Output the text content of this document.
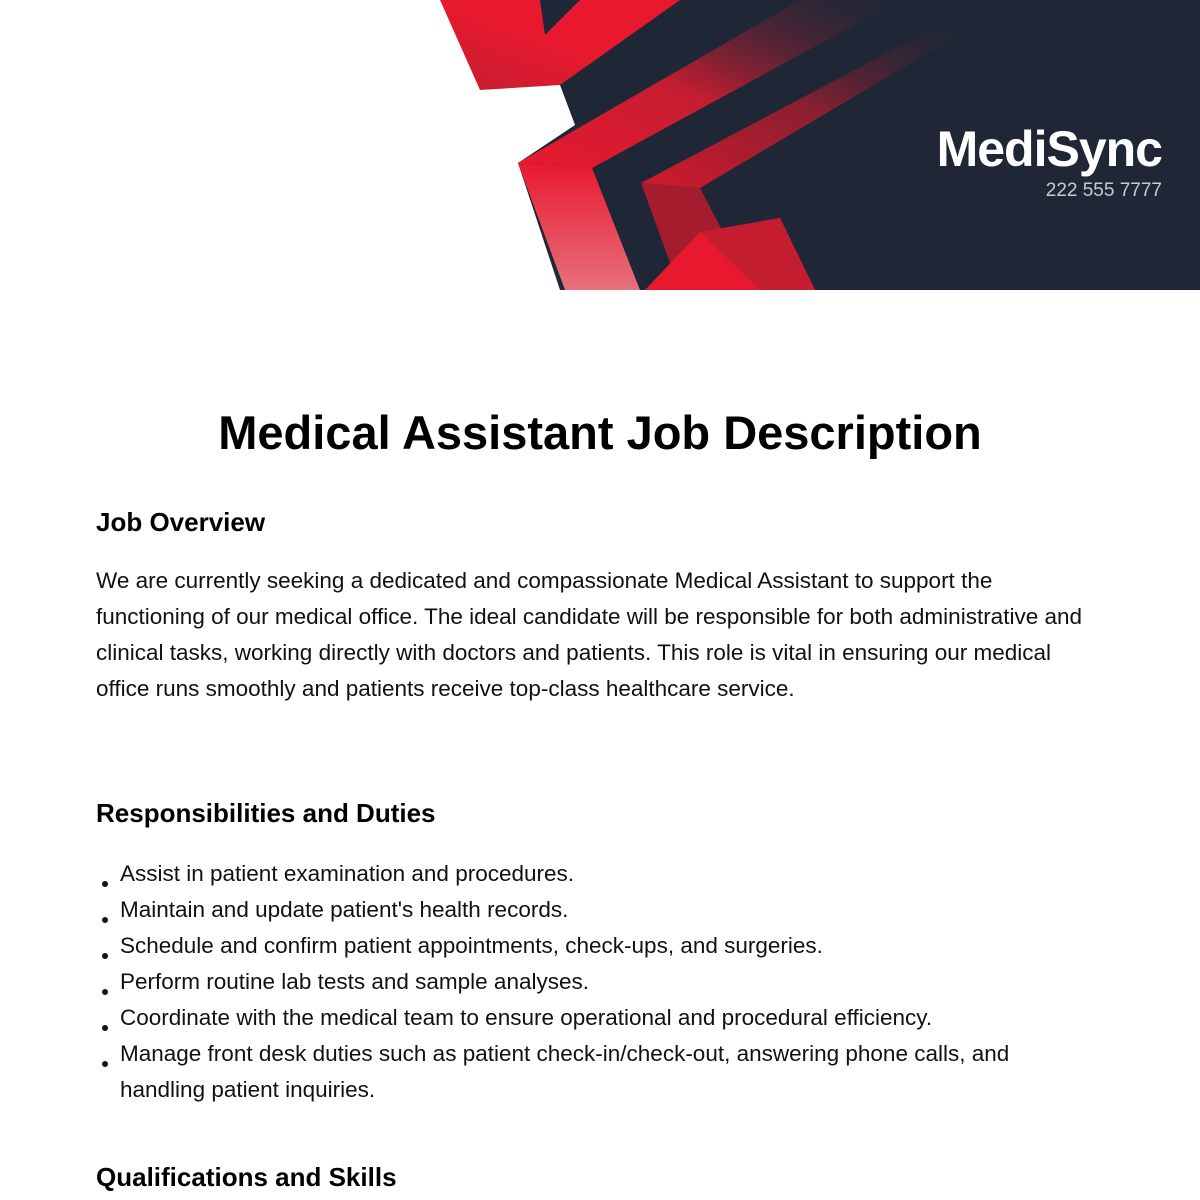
MediSync
222 555 7777
Medical Assistant Job Description
Job Overview
We are currently seeking a dedicated and compassionate Medical Assistant to support the functioning of our medical office. The ideal candidate will be responsible for both administrative and clinical tasks, working directly with doctors and patients. This role is vital in ensuring our medical office runs smoothly and patients receive top-class healthcare service.
Responsibilities and Duties
Assist in patient examination and procedures.
Maintain and update patient's health records.
Schedule and confirm patient appointments, check-ups, and surgeries.
Perform routine lab tests and sample analyses.
Coordinate with the medical team to ensure operational and procedural efficiency.
Manage front desk duties such as patient check-in/check-out, answering phone calls, and handling patient inquiries.
Qualifications and Skills
